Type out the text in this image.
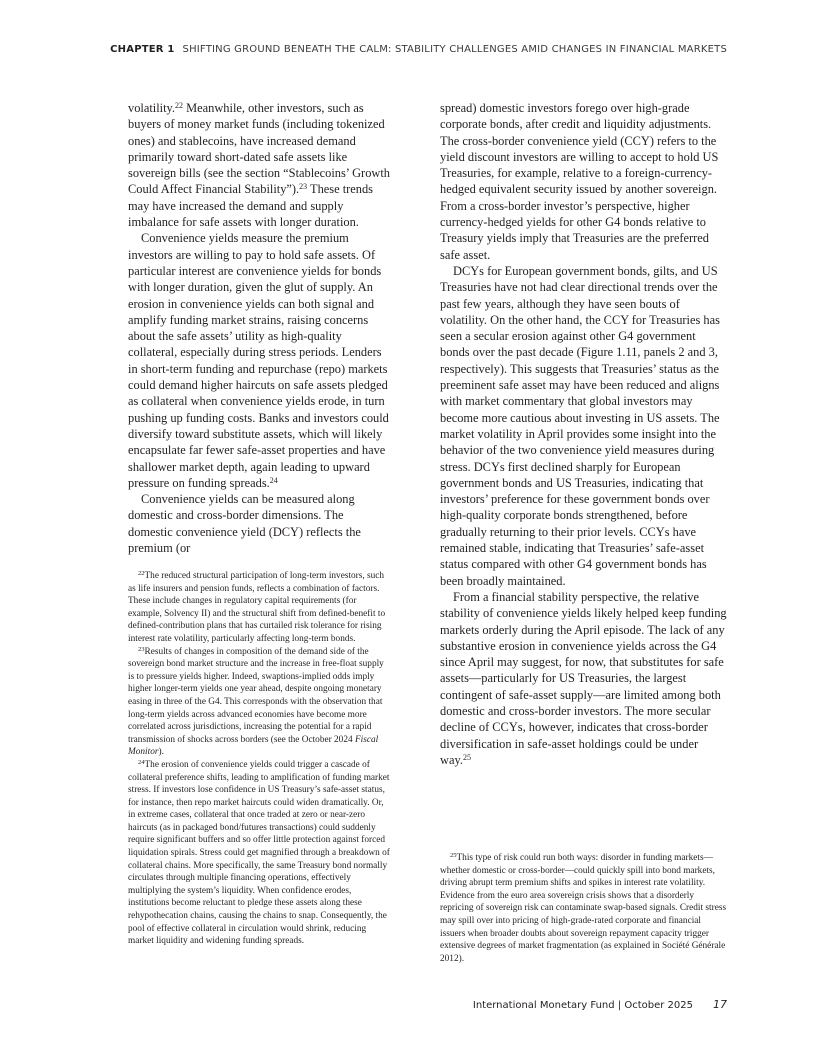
CHAPTER 1 SHIFTING GROUND BENEATH THE CALM: STABILITY CHALLENGES AMID CHANGES IN FINANCIAL MARKETS

volatility.$^{22}$ Meanwhile, other investors, such as buyers of money market funds (including tokenized ones) and stablecoins, have increased demand primarily toward short-dated safe assets like sovereign bills (see the section “Stablecoins’ Growth Could Affect Financial Stability”).$^{23}$ These trends may have increased the demand and supply imbalance for safe assets with longer duration.

Convenience yields measure the premium investors are willing to pay to hold safe assets. Of particular interest are convenience yields for bonds with longer duration, given the glut of supply. An erosion in convenience yields can both signal and amplify funding market strains, raising concerns about the safe assets’ utility as high-quality collateral, especially during stress periods. Lenders in short-term funding and repurchase (repo) markets could demand higher haircuts on safe assets pledged as collateral when convenience yields erode, in turn pushing up funding costs. Banks and investors could diversify toward substitute assets, which will likely encapsulate far fewer safe-asset properties and have shallower market depth, again leading to upward pressure on funding spreads.$^{24}$

Convenience yields can be measured along domestic and cross-border dimensions. The domestic convenience yield (DCY) reflects the premium (or

$^{22}$The reduced structural participation of long-term investors, such as life insurers and pension funds, reflects a combination of factors. These include changes in regulatory capital requirements (for example, Solvency II) and the structural shift from defined-benefit to defined-contribution plans that has curtailed risk tolerance for rising interest rate volatility, particularly affecting long-term bonds.

$^{23}$Results of changes in composition of the demand side of the sovereign bond market structure and the increase in free-float supply is to pressure yields higher. Indeed, swaptions-implied odds imply higher longer-term yields one year ahead, despite ongoing monetary easing in three of the G4. This corresponds with the observation that long-term yields across advanced economies have become more correlated across jurisdictions, increasing the potential for a rapid transmission of shocks across borders (see the October 2024 Fiscal Monitor).

$^{24}$The erosion of convenience yields could trigger a cascade of collateral preference shifts, leading to amplification of funding market stress. If investors lose confidence in US Treasury’s safe-asset status, for instance, then repo market haircuts could widen dramatically. Or, in extreme cases, collateral that once traded at zero or near-zero haircuts (as in packaged bond/futures transactions) could suddenly require significant buffers and so offer little protection against forced liquidation spirals. Stress could get magnified through a breakdown of collateral chains. More specifically, the same Treasury bond normally circulates through multiple financing operations, effectively multiplying the system’s liquidity. When confidence erodes, institutions become reluctant to pledge these assets along these rehypothecation chains, causing the chains to snap. Consequently, the pool of effective collateral in circulation would shrink, reducing market liquidity and widening funding spreads.

spread) domestic investors forego over high-grade corporate bonds, after credit and liquidity adjustments. The cross-border convenience yield (CCY) refers to the yield discount investors are willing to accept to hold US Treasuries, for example, relative to a foreign-currency-hedged equivalent security issued by another sovereign. From a cross-border investor’s perspective, higher currency-hedged yields for other G4 bonds relative to Treasury yields imply that Treasuries are the preferred safe asset.

DCYs for European government bonds, gilts, and US Treasuries have not had clear directional trends over the past few years, although they have seen bouts of volatility. On the other hand, the CCY for Treasuries has seen a secular erosion against other G4 government bonds over the past decade (Figure 1.11, panels 2 and 3, respectively). This suggests that Treasuries’ status as the preeminent safe asset may have been reduced and aligns with market commentary that global investors may become more cautious about investing in US assets. The market volatility in April provides some insight into the behavior of the two convenience yield measures during stress. DCYs first declined sharply for European government bonds and US Treasuries, indicating that investors’ preference for these government bonds over high-quality corporate bonds strengthened, before gradually returning to their prior levels. CCYs have remained stable, indicating that Treasuries’ safe-asset status compared with other G4 government bonds has been broadly maintained.

From a financial stability perspective, the relative stability of convenience yields likely helped keep funding markets orderly during the April episode. The lack of any substantive erosion in convenience yields across the G4 since April may suggest, for now, that substitutes for safe assets—particularly for US Treasuries, the largest contingent of safe-asset supply—are limited among both domestic and cross-border investors. The more secular decline of CCYs, however, indicates that cross-border diversification in safe-asset holdings could be under way.$^{25}$

$^{25}$This type of risk could run both ways: disorder in funding markets—whether domestic or cross-border—could quickly spill into bond markets, driving abrupt term premium shifts and spikes in interest rate volatility. Evidence from the euro area sovereign crisis shows that a disorderly repricing of sovereign risk can contaminate swap-based signals. Credit stress may spill over into pricing of high-grade-rated corporate and financial issuers when broader doubts about sovereign repayment capacity trigger extensive degrees of market fragmentation (as explained in Société Générale 2012).

International Monetary Fund | October 2025 17
